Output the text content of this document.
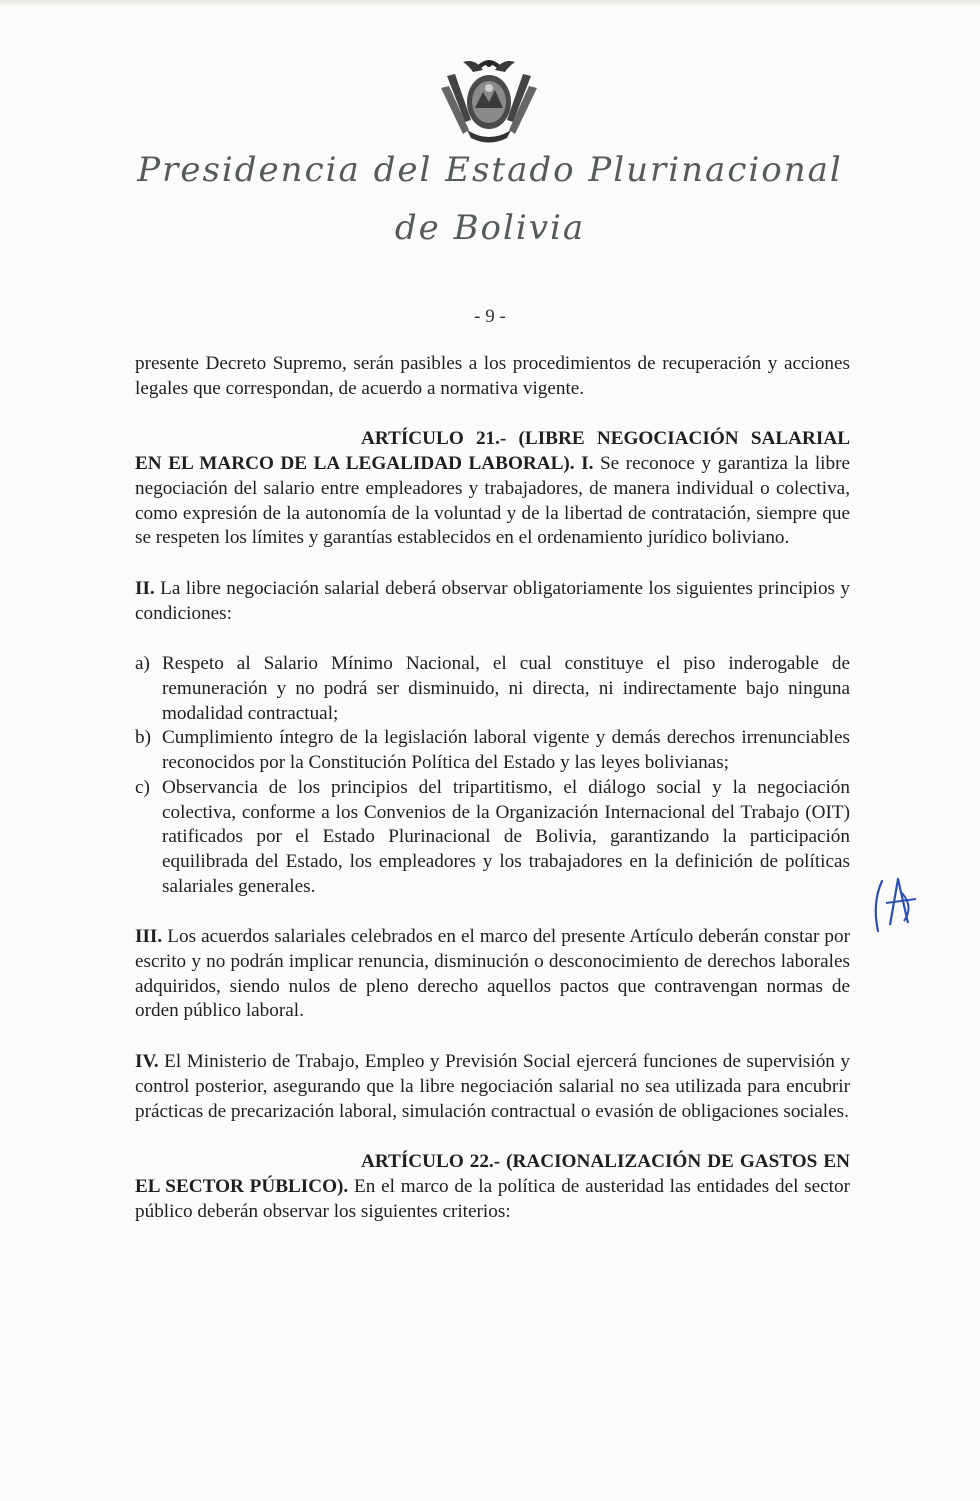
Presidencia del Estado Plurinacional
de Bolivia
- 9 -

presente Decreto Supremo, serán pasibles a los procedimientos de recuperación y acciones legales que correspondan, de acuerdo a normativa vigente.

ARTÍCULO 21.- (LIBRE NEGOCIACIÓN SALARIAL EN EL MARCO DE LA LEGALIDAD LABORAL). I. Se reconoce y garantiza la libre negociación del salario entre empleadores y trabajadores, de manera individual o colectiva, como expresión de la autonomía de la voluntad y de la libertad de contratación, siempre que se respeten los límites y garantías establecidos en el ordenamiento jurídico boliviano.

II. La libre negociación salarial deberá observar obligatoriamente los siguientes principios y condiciones:

a) Respeto al Salario Mínimo Nacional, el cual constituye el piso inderogable de remuneración y no podrá ser disminuido, ni directa, ni indirectamente bajo ninguna modalidad contractual;
b) Cumplimiento íntegro de la legislación laboral vigente y demás derechos irrenunciables reconocidos por la Constitución Política del Estado y las leyes bolivianas;
c) Observancia de los principios del tripartitismo, el diálogo social y la negociación colectiva, conforme a los Convenios de la Organización Internacional del Trabajo (OIT) ratificados por el Estado Plurinacional de Bolivia, garantizando la participación equilibrada del Estado, los empleadores y los trabajadores en la definición de políticas salariales generales.

III. Los acuerdos salariales celebrados en el marco del presente Artículo deberán constar por escrito y no podrán implicar renuncia, disminución o desconocimiento de derechos laborales adquiridos, siendo nulos de pleno derecho aquellos pactos que contravengan normas de orden público laboral.

IV. El Ministerio de Trabajo, Empleo y Previsión Social ejercerá funciones de supervisión y control posterior, asegurando que la libre negociación salarial no sea utilizada para encubrir prácticas de precarización laboral, simulación contractual o evasión de obligaciones sociales.

ARTÍCULO 22.- (RACIONALIZACIÓN DE GASTOS EN EL SECTOR PÚBLICO). En el marco de la política de austeridad las entidades del sector público deberán observar los siguientes criterios:
